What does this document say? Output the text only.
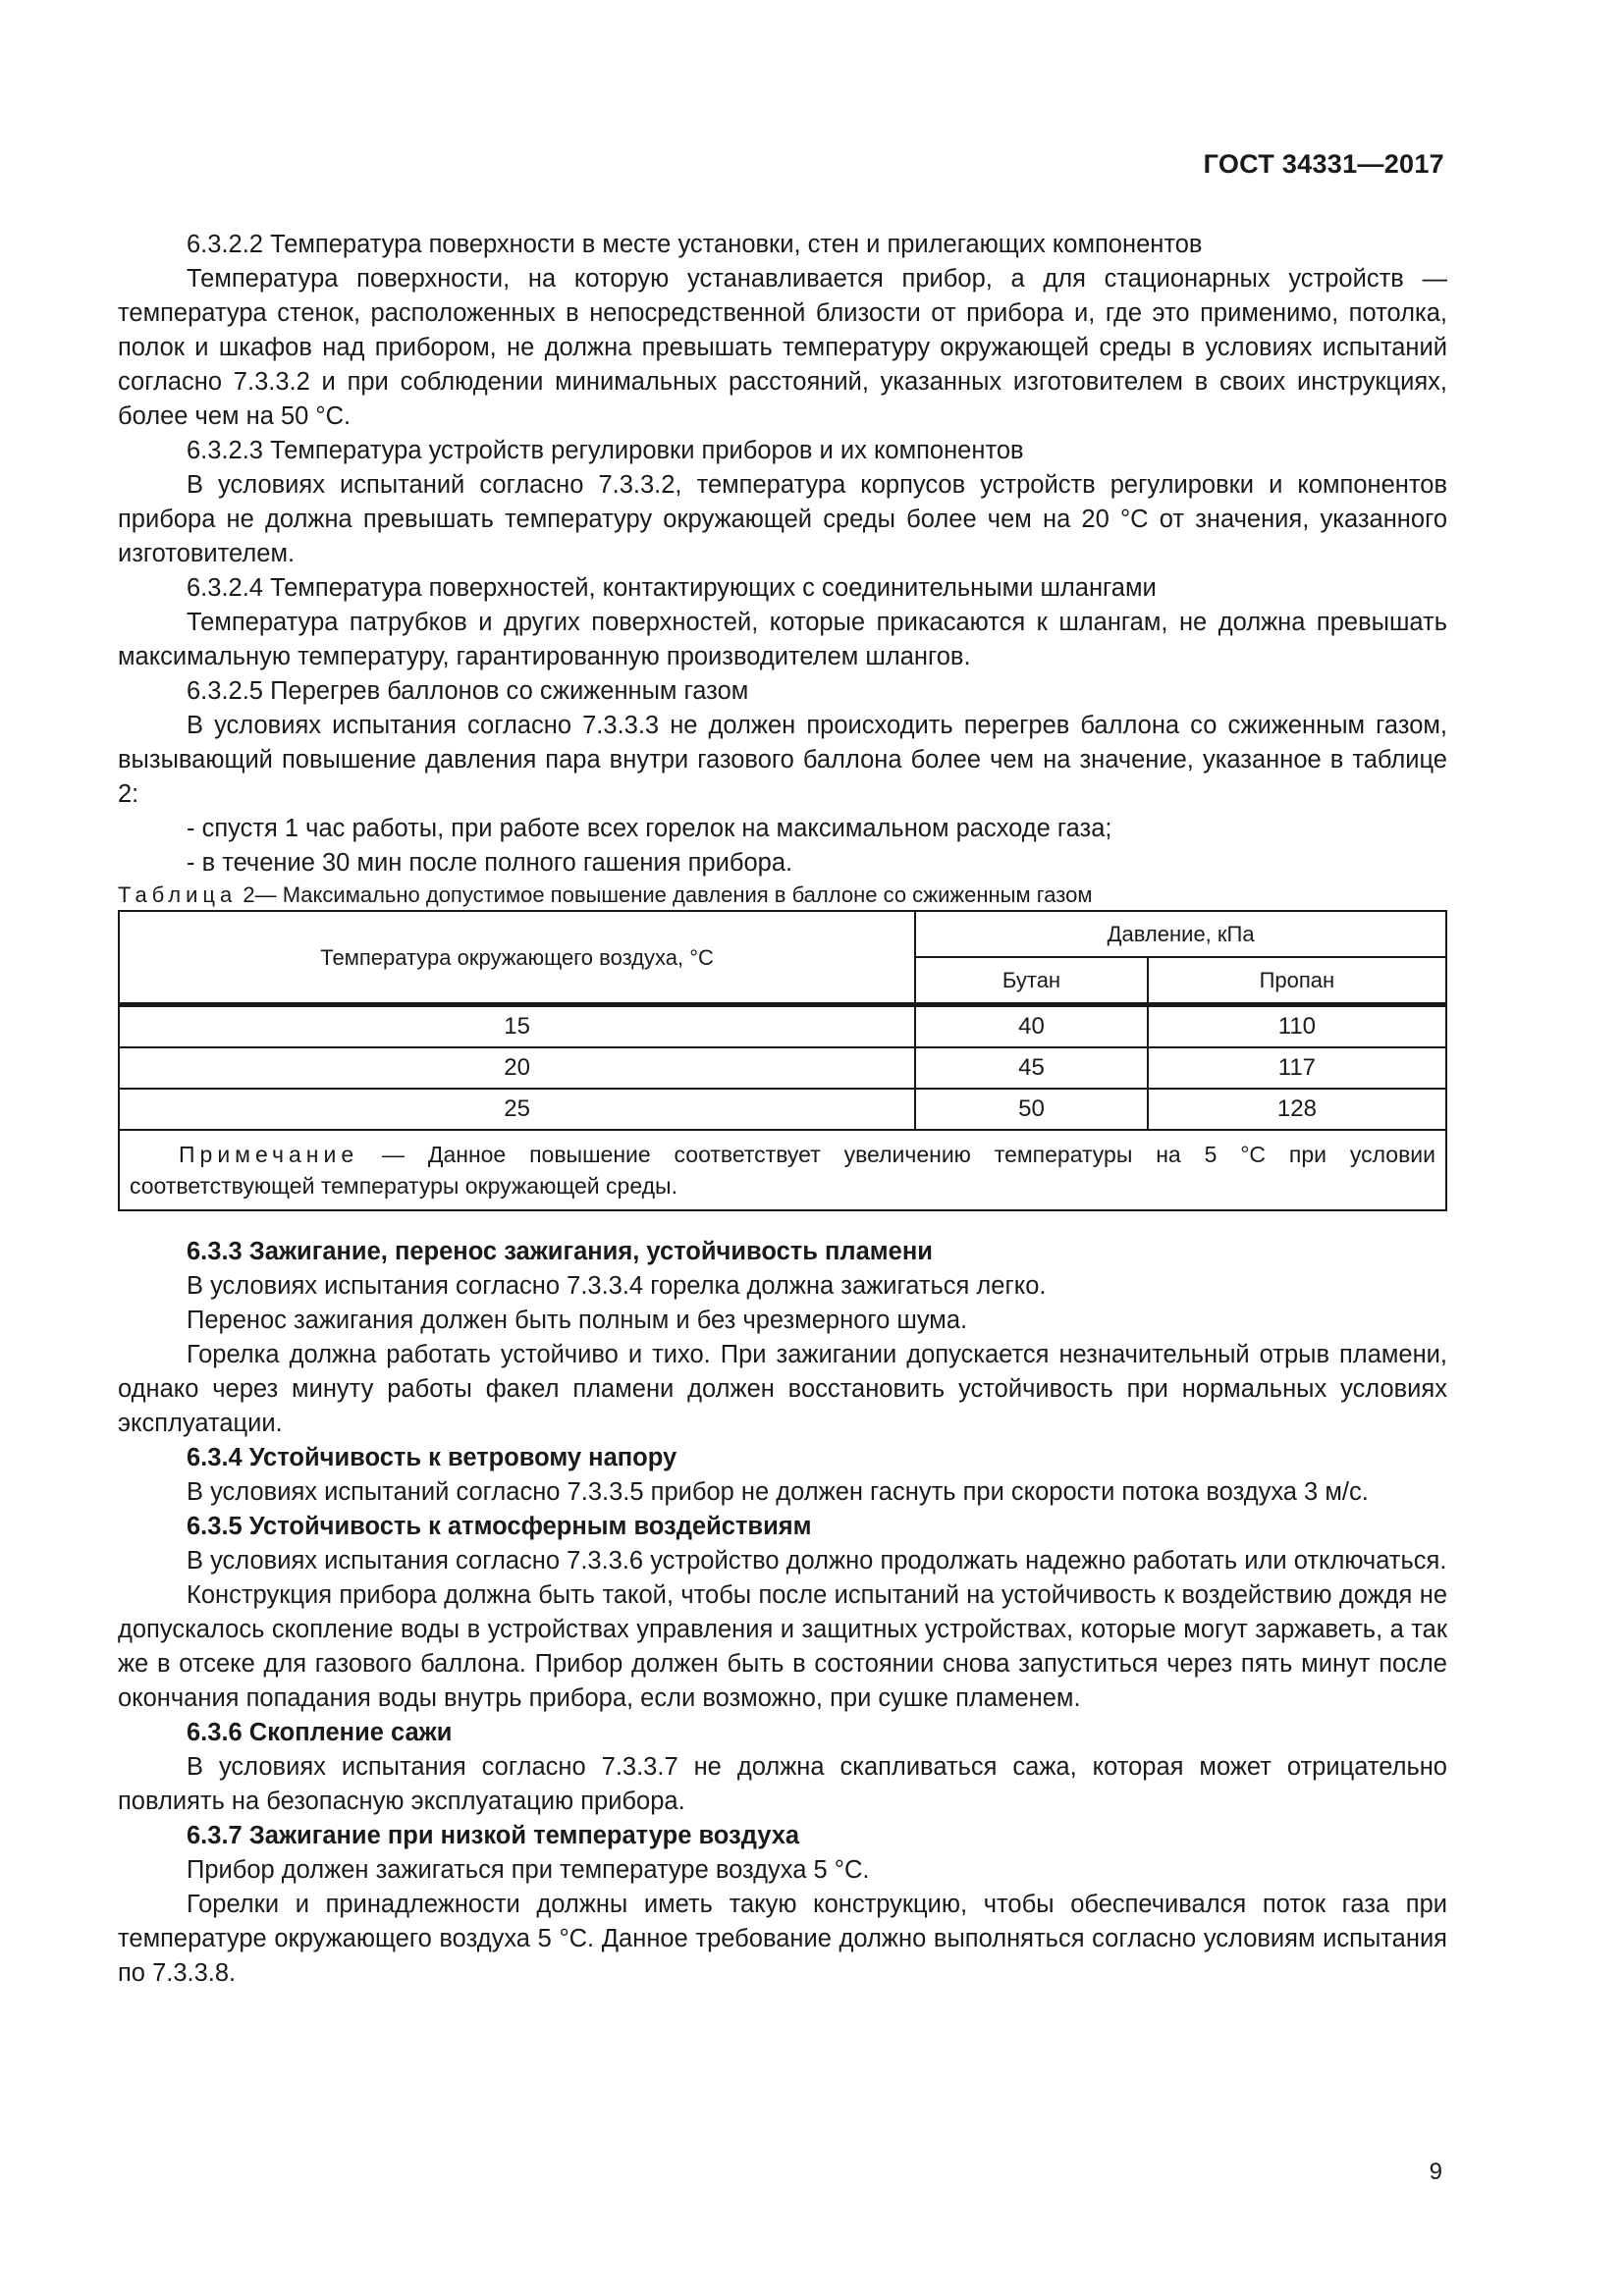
ГОСТ 34331—2017

6.3.2.2 Температура поверхности в месте установки, стен и прилегающих компонентов

Температура поверхности, на которую устанавливается прибор, а для стационарных устройств — температура стенок, расположенных в непосредственной близости от прибора и, где это применимо, потолка, полок и шкафов над прибором, не должна превышать температуру окружающей среды в условиях испытаний согласно 7.3.3.2 и при соблюдении минимальных расстояний, указанных изготовителем в своих инструкциях, более чем на 50 °С.

6.3.2.3 Температура устройств регулировки приборов и их компонентов

В условиях испытаний согласно 7.3.3.2, температура корпусов устройств регулировки и компонентов прибора не должна превышать температуру окружающей среды более чем на 20 °С от значения, указанного изготовителем.

6.3.2.4 Температура поверхностей, контактирующих с соединительными шлангами

Температура патрубков и других поверхностей, которые прикасаются к шлангам, не должна превышать максимальную температуру, гарантированную производителем шлангов.

6.3.2.5 Перегрев баллонов со сжиженным газом

В условиях испытания согласно 7.3.3.3 не должен происходить перегрев баллона со сжиженным газом, вызывающий повышение давления пара внутри газового баллона более чем на значение, указанное в таблице 2:

- спустя 1 час работы, при работе всех горелок на максимальном расходе газа;

- в течение 30 мин после полного гашения прибора.

Таблица 2— Максимально допустимое повышение давления в баллоне со сжиженным газом

Температура окружающего воздуха, °С	Давление, кПа	
	Бутан	Пропан
15	40	110
20	45	117
25	50	128

Примечание — Данное повышение соответствует увеличению температуры на 5 °С при условии соответствующей температуры окружающей среды.		

6.3.3 Зажигание, перенос зажигания, устойчивость пламени

В условиях испытания согласно 7.3.3.4 горелка должна зажигаться легко.

Перенос зажигания должен быть полным и без чрезмерного шума.

Горелка должна работать устойчиво и тихо. При зажигании допускается незначительный отрыв пламени, однако через минуту работы факел пламени должен восстановить устойчивость при нормальных условиях эксплуатации.

6.3.4 Устойчивость к ветровому напору

В условиях испытаний согласно 7.3.3.5 прибор не должен гаснуть при скорости потока воздуха 3 м/с.

6.3.5 Устойчивость к атмосферным воздействиям

В условиях испытания согласно 7.3.3.6 устройство должно продолжать надежно работать или отключаться.

Конструкция прибора должна быть такой, чтобы после испытаний на устойчивость к воздействию дождя не допускалось скопление воды в устройствах управления и защитных устройствах, которые могут заржаветь, а так же в отсеке для газового баллона. Прибор должен быть в состоянии снова запуститься через пять минут после окончания попадания воды внутрь прибора, если возможно, при сушке пламенем.

6.3.6 Скопление сажи

В условиях испытания согласно 7.3.3.7 не должна скапливаться сажа, которая может отрицательно повлиять на безопасную эксплуатацию прибора.

6.3.7 Зажигание при низкой температуре воздуха

Прибор должен зажигаться при температуре воздуха 5 °С.

Горелки и принадлежности должны иметь такую конструкцию, чтобы обеспечивался поток газа при температуре окружающего воздуха 5 °С. Данное требование должно выполняться согласно условиям испытания по 7.3.3.8.

9
